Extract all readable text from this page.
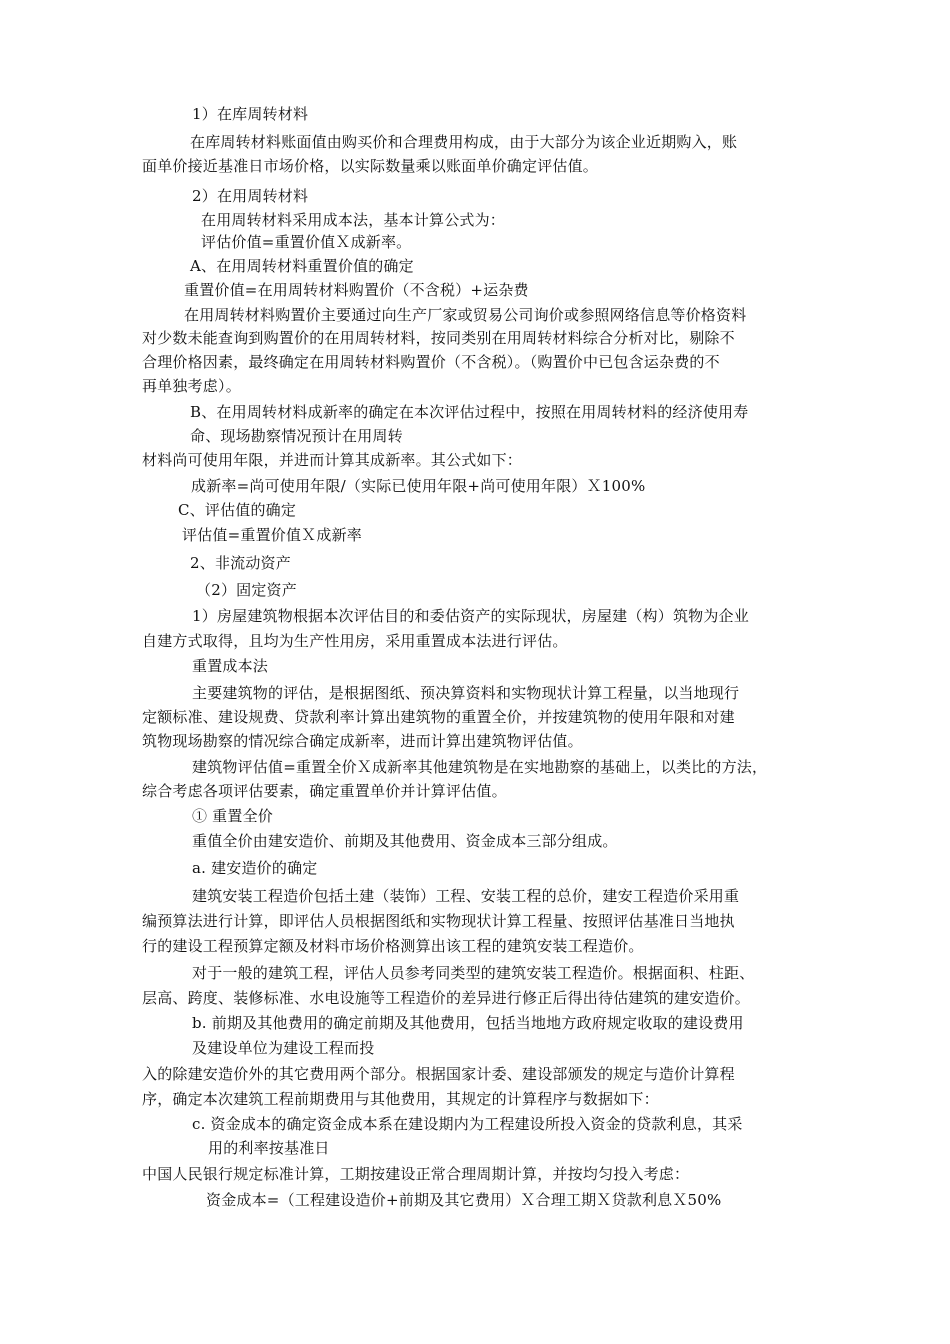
1）在库周转材料
在库周转材料账面值由购买价和合理费用构成，由于大部分为该企业近期购入，账
面单价接近基准日市场价格，以实际数量乘以账面单价确定评估值。
2）在用周转材料
在用周转材料采用成本法，基本计算公式为：
评估价值=重置价值Ｘ成新率。
A、在用周转材料重置价值的确定
重置价值=在用周转材料购置价（不含税）+运杂费
在用周转材料购置价主要通过向生产厂家或贸易公司询价或参照网络信息等价格资料
对少数未能查询到购置价的在用周转材料，按同类别在用周转材料综合分析对比，剔除不
合理价格因素，最终确定在用周转材料购置价（不含税）。（购置价中已包含运杂费的不
再单独考虑）。
B、在用周转材料成新率的确定在本次评估过程中，按照在用周转材料的经济使用寿
命、现场勘察情况预计在用周转
材料尚可使用年限，并进而计算其成新率。其公式如下：
成新率=尚可使用年限/（实际已使用年限+尚可使用年限）Ｘ100%
C、评估值的确定
评估值=重置价值Ｘ成新率
2、非流动资产
（2）固定资产
1）房屋建筑物根据本次评估目的和委估资产的实际现状，房屋建（构）筑物为企业
自建方式取得，且均为生产性用房，采用重置成本法进行评估。
重置成本法
主要建筑物的评估，是根据图纸、预决算资料和实物现状计算工程量，以当地现行
定额标准、建设规费、贷款利率计算出建筑物的重置全价，并按建筑物的使用年限和对建
筑物现场勘察的情况综合确定成新率，进而计算出建筑物评估值。
建筑物评估值=重置全价Ｘ成新率其他建筑物是在实地勘察的基础上，以类比的方法，
综合考虑各项评估要素，确定重置单价并计算评估值。
① 重置全价
重值全价由建安造价、前期及其他费用、资金成本三部分组成。
a. 建安造价的确定
建筑安装工程造价包括土建（装饰）工程、安装工程的总价，建安工程造价采用重
编预算法进行计算，即评估人员根据图纸和实物现状计算工程量、按照评估基准日当地执
行的建设工程预算定额及材料市场价格测算出该工程的建筑安装工程造价。
对于一般的建筑工程，评估人员参考同类型的建筑安装工程造价。根据面积、柱距、
层高、跨度、装修标准、水电设施等工程造价的差异进行修正后得出待估建筑的建安造价。
b. 前期及其他费用的确定前期及其他费用，包括当地地方政府规定收取的建设费用
及建设单位为建设工程而投
入的除建安造价外的其它费用两个部分。根据国家计委、建设部颁发的规定与造价计算程
序，确定本次建筑工程前期费用与其他费用，其规定的计算程序与数据如下：
c. 资金成本的确定资金成本系在建设期内为工程建设所投入资金的贷款利息，其采
用的利率按基准日
中国人民银行规定标准计算，工期按建设正常合理周期计算，并按均匀投入考虑：
资金成本=（工程建设造价+前期及其它费用）Ｘ合理工期Ｘ贷款利息Ｘ50%
